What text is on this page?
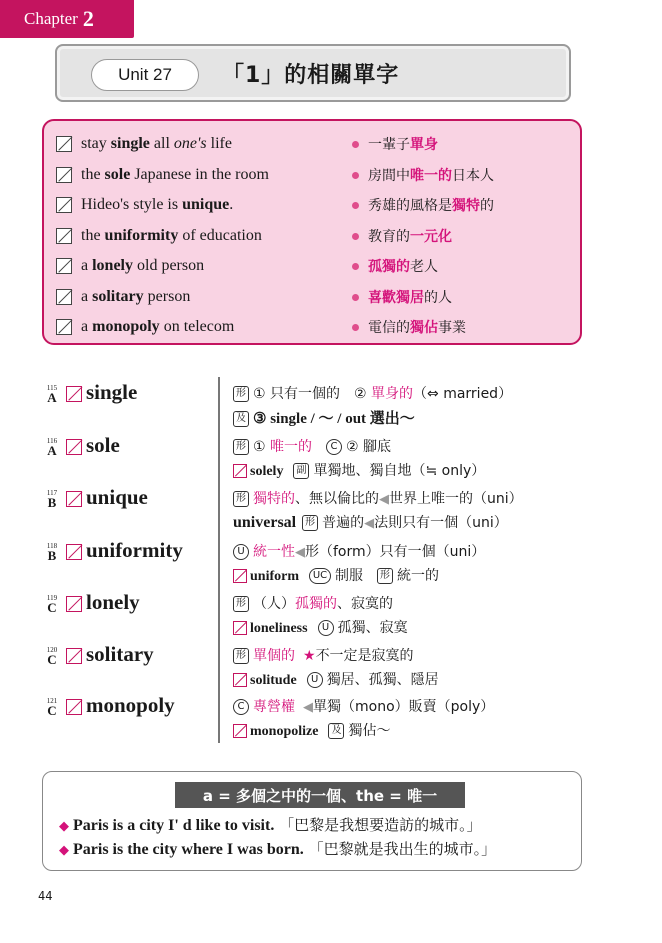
Chapter 2
Unit 27	「1」的相關單字
stay single all one's life	一輩子單身
the sole Japanese in the room	房間中唯一的日本人
Hideo's style is unique.	秀雄的風格是獨特的
the uniformity of education	教育的一元化
a lonely old person	孤獨的老人
a solitary person	喜歡獨居的人
a monopoly on telecom	電信的獨佔事業
115
A single	形 ① 只有一個的　② 單身的（⇔ married）
及 ③ single / ～ / out 選出～
116
A sole	形 ① 唯一的 C ② 腳底
solely 副 單獨地、獨自地（≒ only）
117
B unique	形 獨特的、無以倫比的◀世界上唯一的（uni）
universal 形 普遍的◀法則只有一個（uni）
118
B uniformity	U 統一性◀形（form）只有一個（uni）
uniform UC 制服 形 統一的
119
C lonely	形 （人）孤獨的、寂寞的
loneliness U 孤獨、寂寞
120
C solitary	形 單個的 ★不一定是寂寞的
solitude U 獨居、孤獨、隱居
121
C monopoly	C 專營權 ◀單獨（mono）販賣（poly）
monopolize 及 獨佔～
a = 多個之中的一個、the = 唯一
◆ Paris is a city I' d like to visit. 「巴黎是我想要造訪的城市。」
◆ Paris is the city where I was born. 「巴黎就是我出生的城市。」
44
